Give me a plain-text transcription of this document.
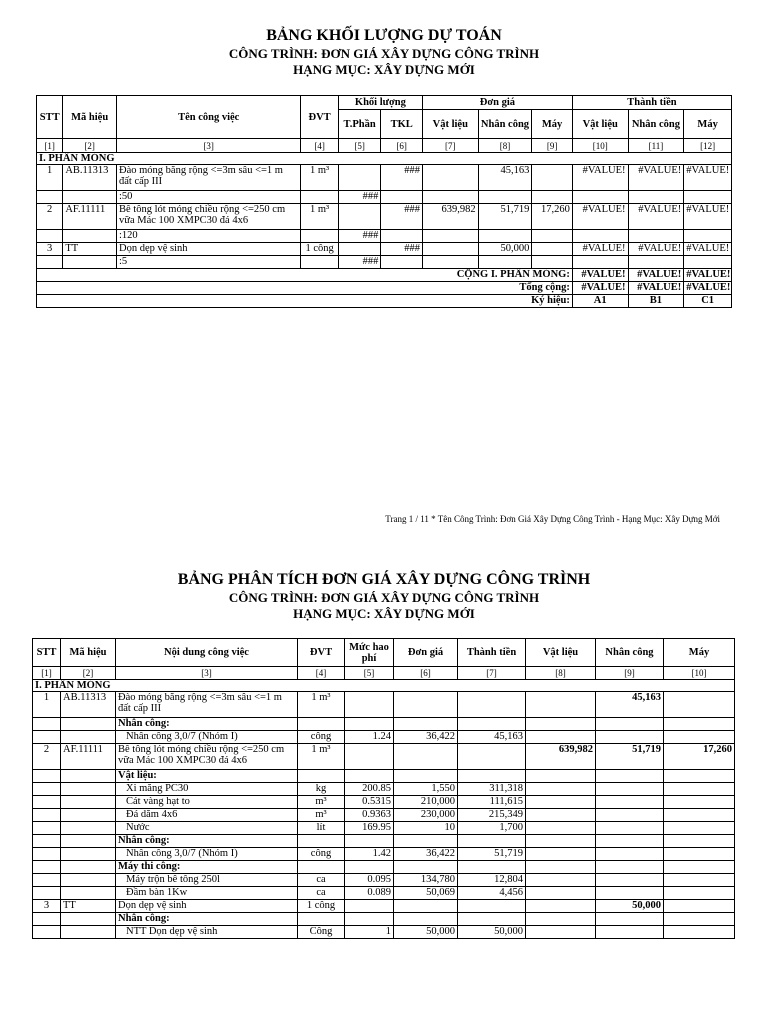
BẢNG KHỐI LƯỢNG DỰ TOÁN
CÔNG TRÌNH: ĐƠN GIÁ XÂY DỰNG CÔNG TRÌNH
HẠNG MỤC: XÂY DỰNG MỚI
STT	Mã hiệu	Tên công việc	ĐVT	Khối lượng		Đơn giá			Thành tiền		
				T.Phần	TKL	Vật liệu	Nhân công	Máy	Vật liệu	Nhân công	Máy
[1]	[2]	[3]	[4]	[5]	[6]	[7]	[8]	[9]	[10]	[11]	[12]
I. PHẦN MÓNG											
1	AB.11313	Đào móng băng rộng <=3m sâu <=1 m đất cấp III	1 m³		###		45,163		#VALUE!	#VALUE!	#VALUE!
		:50		###							
2	AF.11111	Bê tông lót móng chiều rộng <=250 cm vữa Mác 100 XMPC30 đá 4x6	1 m³		###	639,982	51,719	17,260	#VALUE!	#VALUE!	#VALUE!
		:120		###							
3	TT	Dọn dẹp vệ sinh	1 công		###		50,000		#VALUE!	#VALUE!	#VALUE!
		:5		###							
CỘNG I. PHẦN MÓNG:									#VALUE!	#VALUE!	#VALUE!
Tổng cộng:									#VALUE!	#VALUE!	#VALUE!
Ký hiệu:									A1	B1	C1
Trang 1 / 11 * Tên Công Trình: Đơn Giá Xây Dựng Công Trình - Hạng Mục: Xây Dựng Mới
BẢNG PHÂN TÍCH ĐƠN GIÁ XÂY DỰNG CÔNG TRÌNH
CÔNG TRÌNH: ĐƠN GIÁ XÂY DỰNG CÔNG TRÌNH
HẠNG MỤC: XÂY DỰNG MỚI
STT	Mã hiệu	Nội dung công việc	ĐVT	Mức hao phí	Đơn giá	Thành tiền	Vật liệu	Nhân công	Máy
[1]	[2]	[3]	[4]	[5]	[6]	[7]	[8]	[9]	[10]
I. PHẦN MÓNG									
1	AB.11313	Đào móng băng rộng <=3m sâu <=1 m đất cấp III	1 m³					45,163	
		Nhân công:							
		Nhân công 3,0/7 (Nhóm I)	công	1.24	36,422	45,163			
2	AF.11111	Bê tông lót móng chiều rộng <=250 cm vữa Mác 100 XMPC30 đá 4x6	1 m³				639,982	51,719	17,260
		Vật liệu:							
		Xi măng PC30	kg	200.85	1,550	311,318			
		Cát vàng hạt to	m³	0.5315	210,000	111,615			
		Đá dăm 4x6	m³	0.9363	230,000	215,349			
		Nước	lít	169.95	10	1,700			
		Nhân công:							
		Nhân công 3,0/7 (Nhóm I)	công	1.42	36,422	51,719			
		Máy thi công:							
		Máy trộn bê tông 250l	ca	0.095	134,780	12,804			
		Đầm bàn 1Kw	ca	0.089	50,069	4,456			
3	TT	Dọn dẹp vệ sinh	1 công					50,000	
		Nhân công:							
		NTT Dọn dẹp vệ sinh	Công	1	50,000	50,000			
